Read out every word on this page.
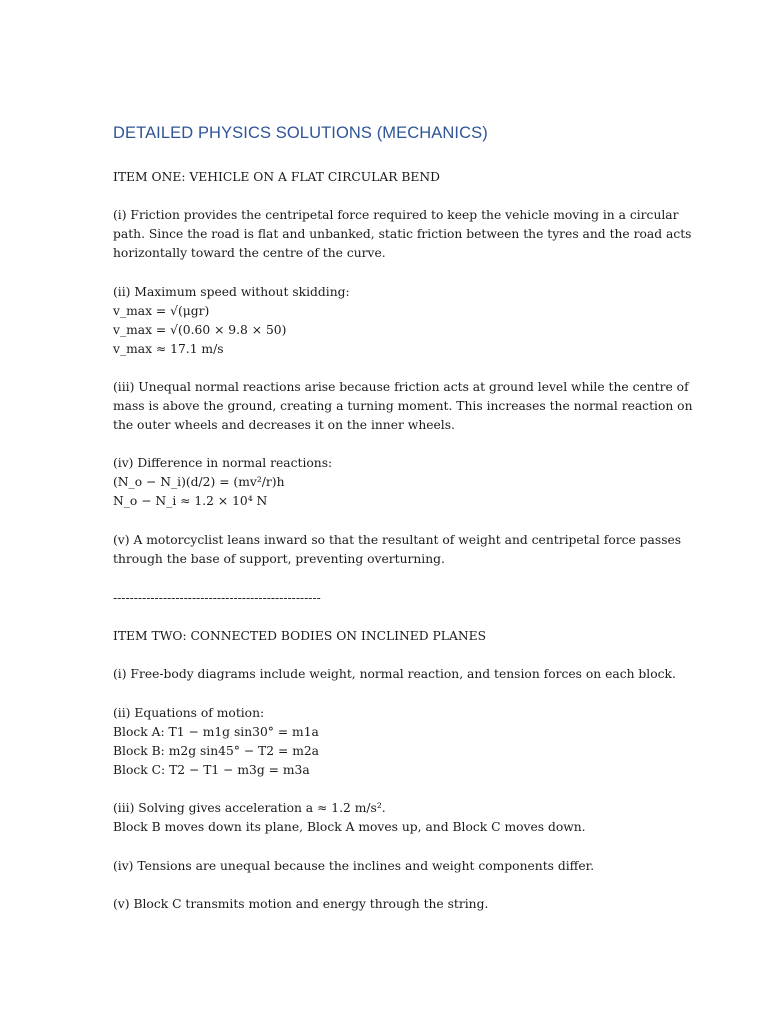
DETAILED PHYSICS SOLUTIONS (MECHANICS)
ITEM ONE: VEHICLE ON A FLAT CIRCULAR BEND
(i) Friction provides the centripetal force required to keep the vehicle moving in a circular
path. Since the road is flat and unbanked, static friction between the tyres and the road acts
horizontally toward the centre of the curve.
(ii) Maximum speed without skidding:
v_max = √(μgr)
v_max = √(0.60 × 9.8 × 50)
v_max ≈ 17.1 m/s
(iii) Unequal normal reactions arise because friction acts at ground level while the centre of
mass is above the ground, creating a turning moment. This increases the normal reaction on
the outer wheels and decreases it on the inner wheels.
(iv) Difference in normal reactions:
(N_o − N_i)(d/2) = (mv²/r)h
N_o − N_i ≈ 1.2 × 10⁴ N
(v) A motorcyclist leans inward so that the resultant of weight and centripetal force passes
through the base of support, preventing overturning.
--------------------------------------------------
ITEM TWO: CONNECTED BODIES ON INCLINED PLANES
(i) Free-body diagrams include weight, normal reaction, and tension forces on each block.
(ii) Equations of motion:
Block A: T1 − m1g sin30° = m1a
Block B: m2g sin45° − T2 = m2a
Block C: T2 − T1 − m3g = m3a
(iii) Solving gives acceleration a ≈ 1.2 m/s².
Block B moves down its plane, Block A moves up, and Block C moves down.
(iv) Tensions are unequal because the inclines and weight components differ.
(v) Block C transmits motion and energy through the string.
